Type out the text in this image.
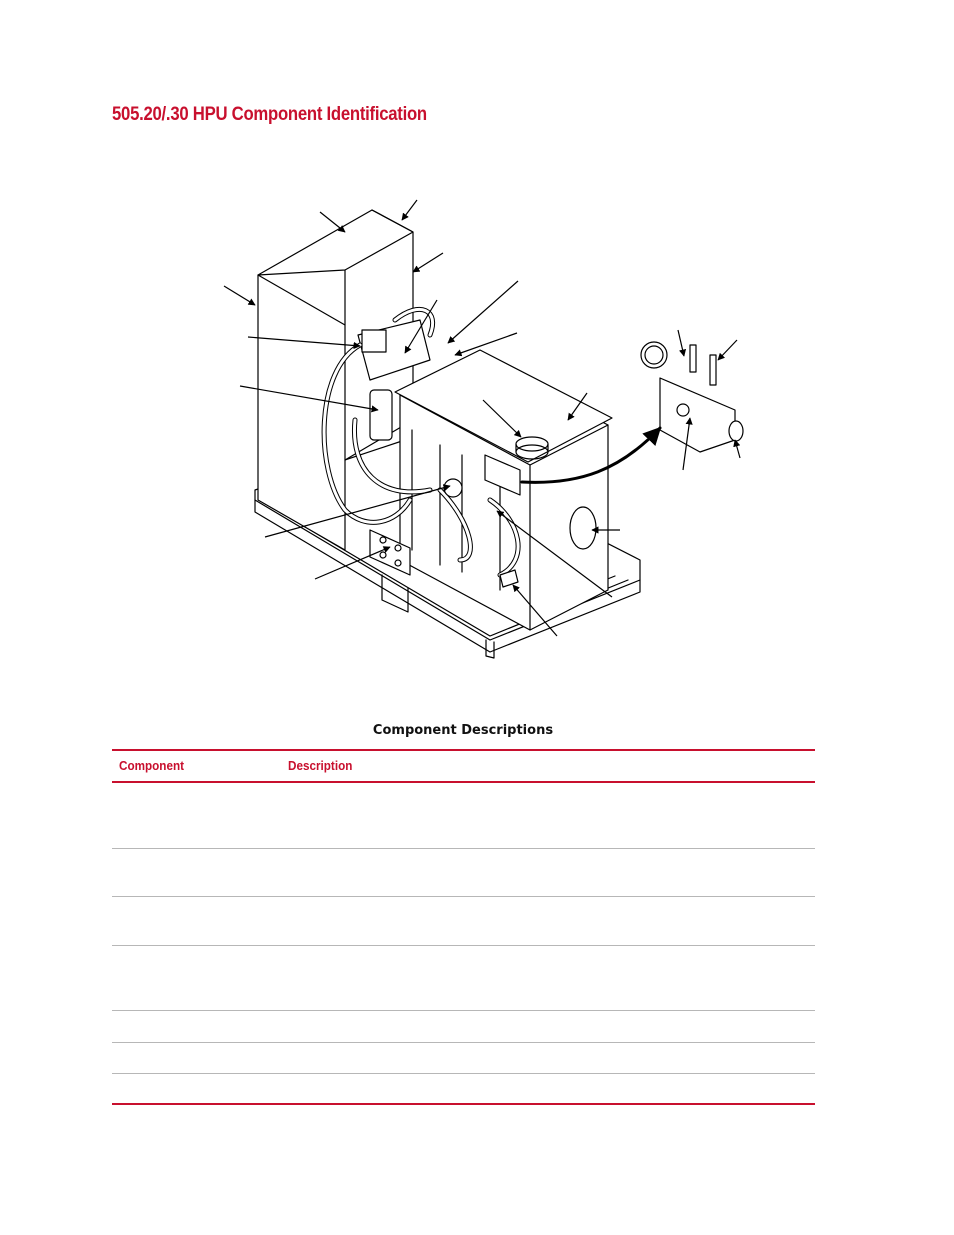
505.20/.30 HPU Component Identification
Component Descriptions
Component	Description
